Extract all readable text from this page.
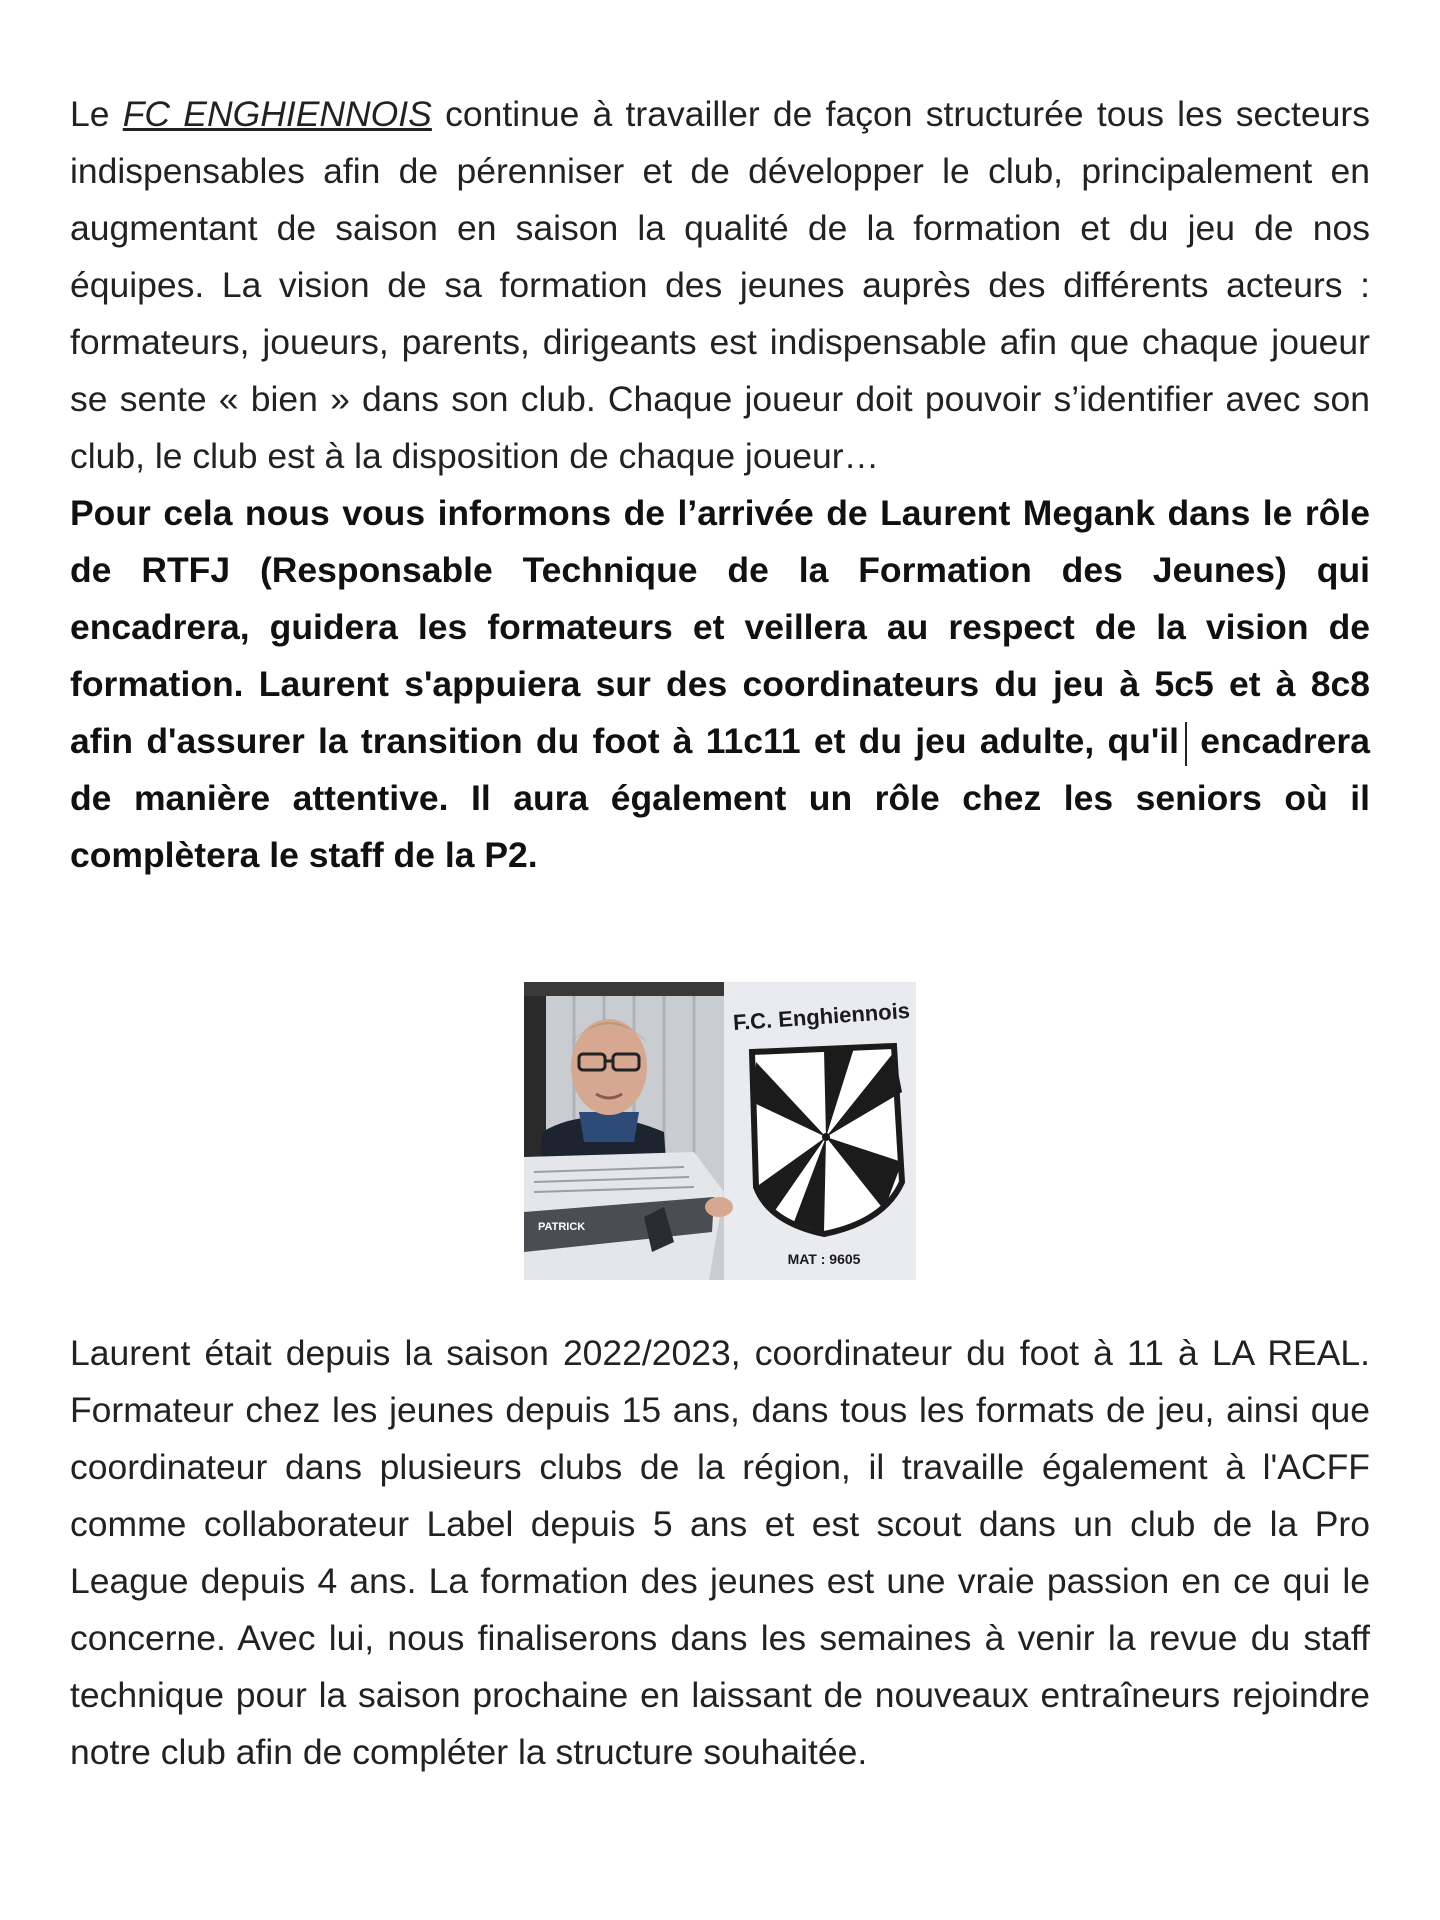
Le FC ENGHIENNOIS continue à travailler de façon structurée tous les secteurs indispensables afin de pérenniser et de développer le club, principalement en augmentant de saison en saison la qualité de la formation et du jeu de nos équipes. La vision de sa formation des jeunes auprès des différents acteurs : formateurs, joueurs, parents, dirigeants est indispensable afin que chaque joueur se sente « bien » dans son club. Chaque joueur doit pouvoir s’identifier avec son club, le club est à la disposition de chaque joueur…

Pour cela nous vous informons de l’arrivée de Laurent Megank dans le rôle de RTFJ (Responsable Technique de la Formation des Jeunes) qui encadrera, guidera les formateurs et veillera au respect de la vision de formation. Laurent s'appuiera sur des coordinateurs du jeu à 5c5 et à 8c8 afin d'assurer la transition du foot à 11c11 et du jeu adulte, qu'il encadrera de manière attentive. Il aura également un rôle chez les seniors où il complètera le staff de la P2.

PATRICK
F.C. Enghiennois
MAT : 9605

Laurent était depuis la saison 2022/2023, coordinateur du foot à 11 à LA REAL. Formateur chez les jeunes depuis 15 ans, dans tous les formats de jeu, ainsi que coordinateur dans plusieurs clubs de la région, il travaille également à l'ACFF comme collaborateur Label depuis 5 ans et est scout dans un club de la Pro League depuis 4 ans. La formation des jeunes est une vraie passion en ce qui le concerne. Avec lui, nous finaliserons dans les semaines à venir la revue du staff technique pour la saison prochaine en laissant de nouveaux entraîneurs rejoindre notre club afin de compléter la structure souhaitée.
